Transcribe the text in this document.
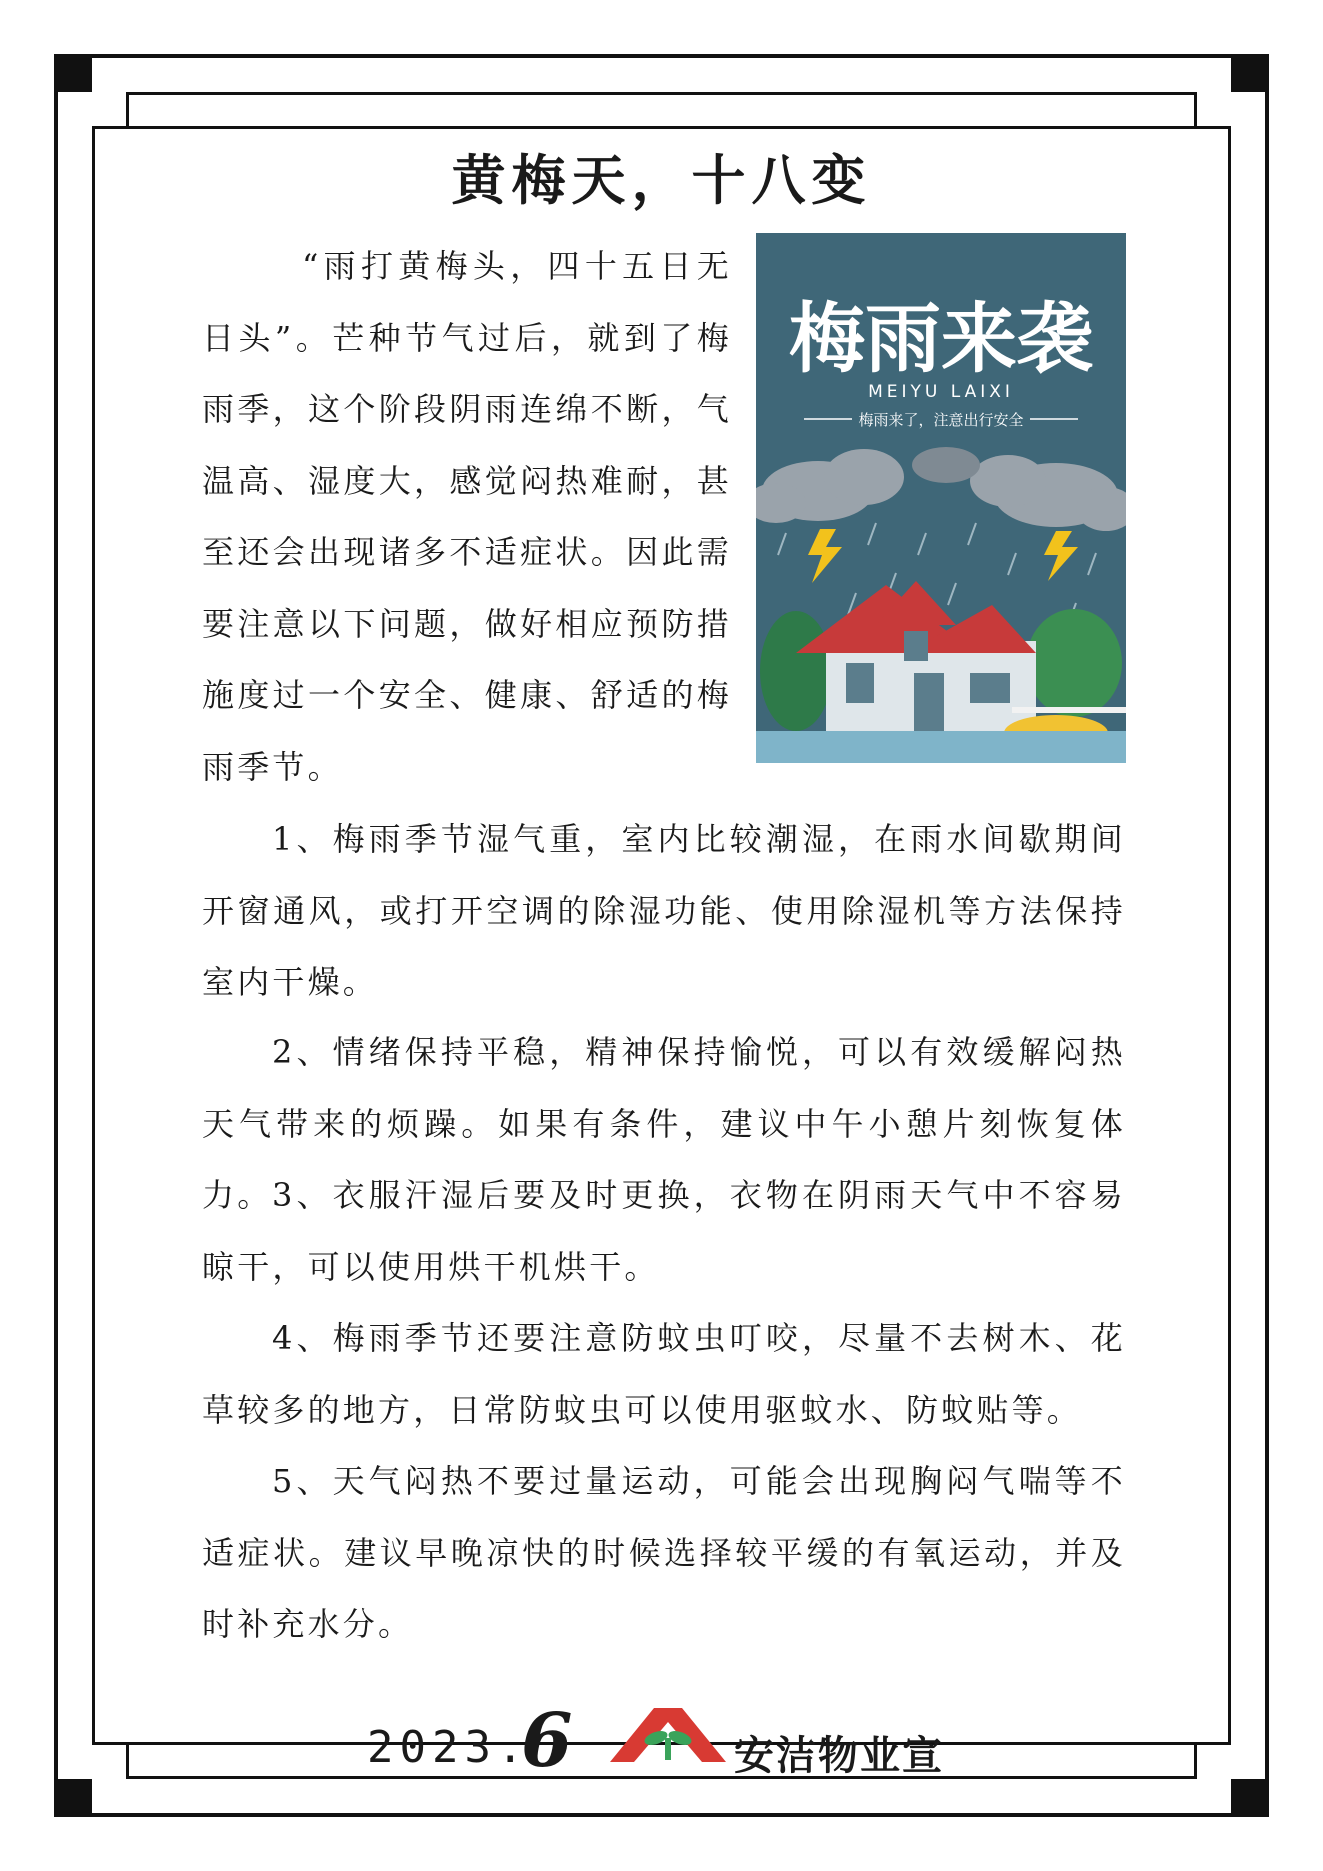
黄梅天，十八变

“雨打黄梅头，四十五日无日头”。芒种节气过后，就到了梅雨季，这个阶段阴雨连绵不断，气温高、湿度大，感觉闷热难耐，甚至还会出现诸多不适症状。因此需要注意以下问题，做好相应预防措施度过一个安全、健康、舒适的梅雨季节。

梅雨来袭
MEIYU LAIXI
梅雨来了，注意出行安全

1、梅雨季节湿气重，室内比较潮湿，在雨水间歇期间开窗通风，或打开空调的除湿功能、使用除湿机等方法保持室内干燥。

2、情绪保持平稳，精神保持愉悦，可以有效缓解闷热天气带来的烦躁。如果有条件，建议中午小憩片刻恢复体力。 3、衣服汗湿后要及时更换，衣物在阴雨天气中不容易晾干，可以使用烘干机烘干。

4、梅雨季节还要注意防蚊虫叮咬，尽量不去树木、花草较多的地方，日常防蚊虫可以使用驱蚊水、防蚊贴等。

5、天气闷热不要过量运动，可能会出现胸闷气喘等不适症状。建议早晚凉快的时候选择较平缓的有氧运动，并及时补充水分。

2023.
6	安洁物业宣
